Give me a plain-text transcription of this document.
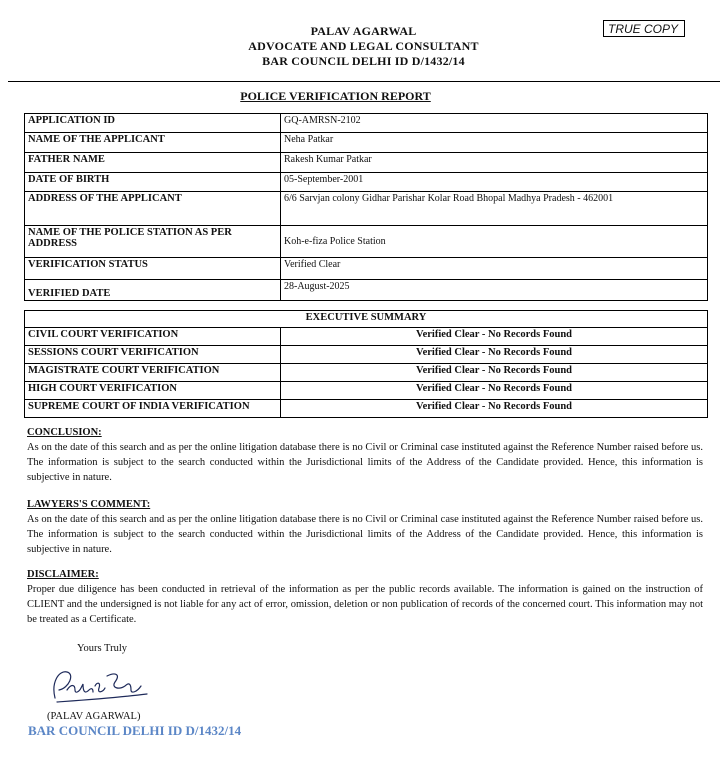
PALAV AGARWAL
ADVOCATE AND LEGAL CONSULTANT
BAR COUNCIL DELHI ID D/1432/14
TRUE COPY
POLICE VERIFICATION REPORT
APPLICATION ID	GQ-AMRSN-2102
NAME OF THE APPLICANT	Neha Patkar
FATHER NAME	Rakesh Kumar Patkar
DATE OF BIRTH	05-September-2001
ADDRESS OF THE APPLICANT	6/6 Sarvjan colony Gidhar Parishar Kolar Road Bhopal Madhya Pradesh - 462001
NAME OF THE POLICE STATION AS PER ADDRESS	Koh-e-fiza Police Station
VERIFICATION STATUS	Verified Clear
VERIFIED DATE	28-August-2025
EXECUTIVE SUMMARY	
CIVIL COURT VERIFICATION	Verified Clear - No Records Found
SESSIONS COURT VERIFICATION	Verified Clear - No Records Found
MAGISTRATE COURT VERIFICATION	Verified Clear - No Records Found
HIGH COURT VERIFICATION	Verified Clear - No Records Found
SUPREME COURT OF INDIA VERIFICATION	Verified Clear - No Records Found
CONCLUSION:

As on the date of this search and as per the online litigation database there is no Civil or Criminal case instituted against the Reference Number raised before us. The information is subject to the search conducted within the Jurisdictional limits of the Address of the Candidate provided. Hence, this information is subjective in nature.

LAWYERS'S COMMENT:

As on the date of this search and as per the online litigation database there is no Civil or Criminal case instituted against the Reference Number raised before us. The information is subject to the search conducted within the Jurisdictional limits of the Address of the Candidate provided. Hence, this information is subjective in nature.

DISCLAIMER:

Proper due diligence has been conducted in retrieval of the information as per the public records available. The information is gained on the instruction of CLIENT and the undersigned is not liable for any act of error, omission, deletion or non publication of records of the concerned court. This information may not be treated as a Certificate.

Yours Truly
(PALAV AGARWAL)
BAR COUNCIL DELHI ID D/1432/14
